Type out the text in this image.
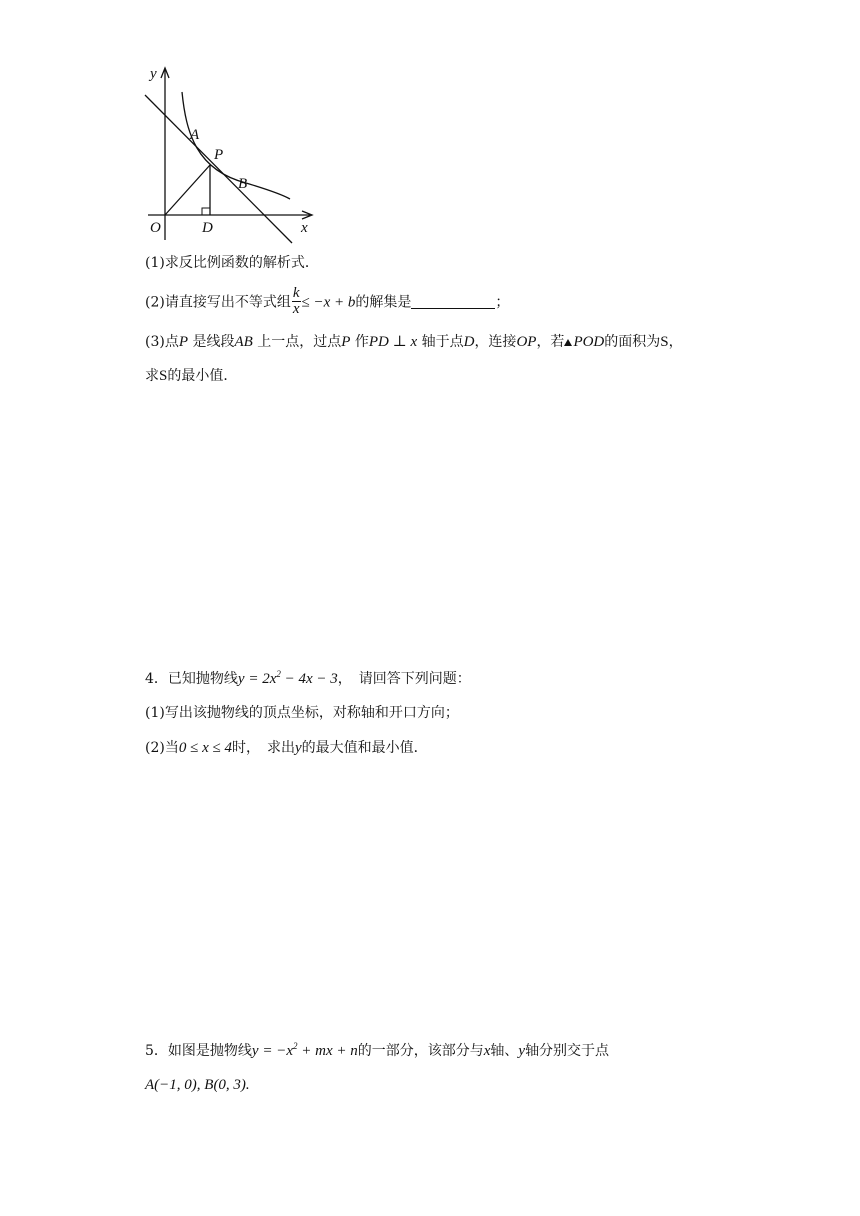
y
x
O
A
P
B
D
(1)求反比例函数的解析式．
(2)请直接写出不等式组 $\frac{k}{x} \le -x + b$的解集是	；
(3)点P 是线段AB 上一点，过点P 作PD ⊥ x 轴于点D，连接OP，若 POD的面积为S，
求S的最小值．
4．已知抛物线$y = 2x^2 - 4x - 3$，　请回答下列问题：
(1)写出该抛物线的顶点坐标，对称轴和开口方向；
(2)当0 ≤ x ≤ 4时，　求出y的最大值和最小值．
5．如图是抛物线$y = -x^2$ + mx + n的一部分，该部分与x轴、y轴分别交于点
A(−1, 0), B(0, 3).
